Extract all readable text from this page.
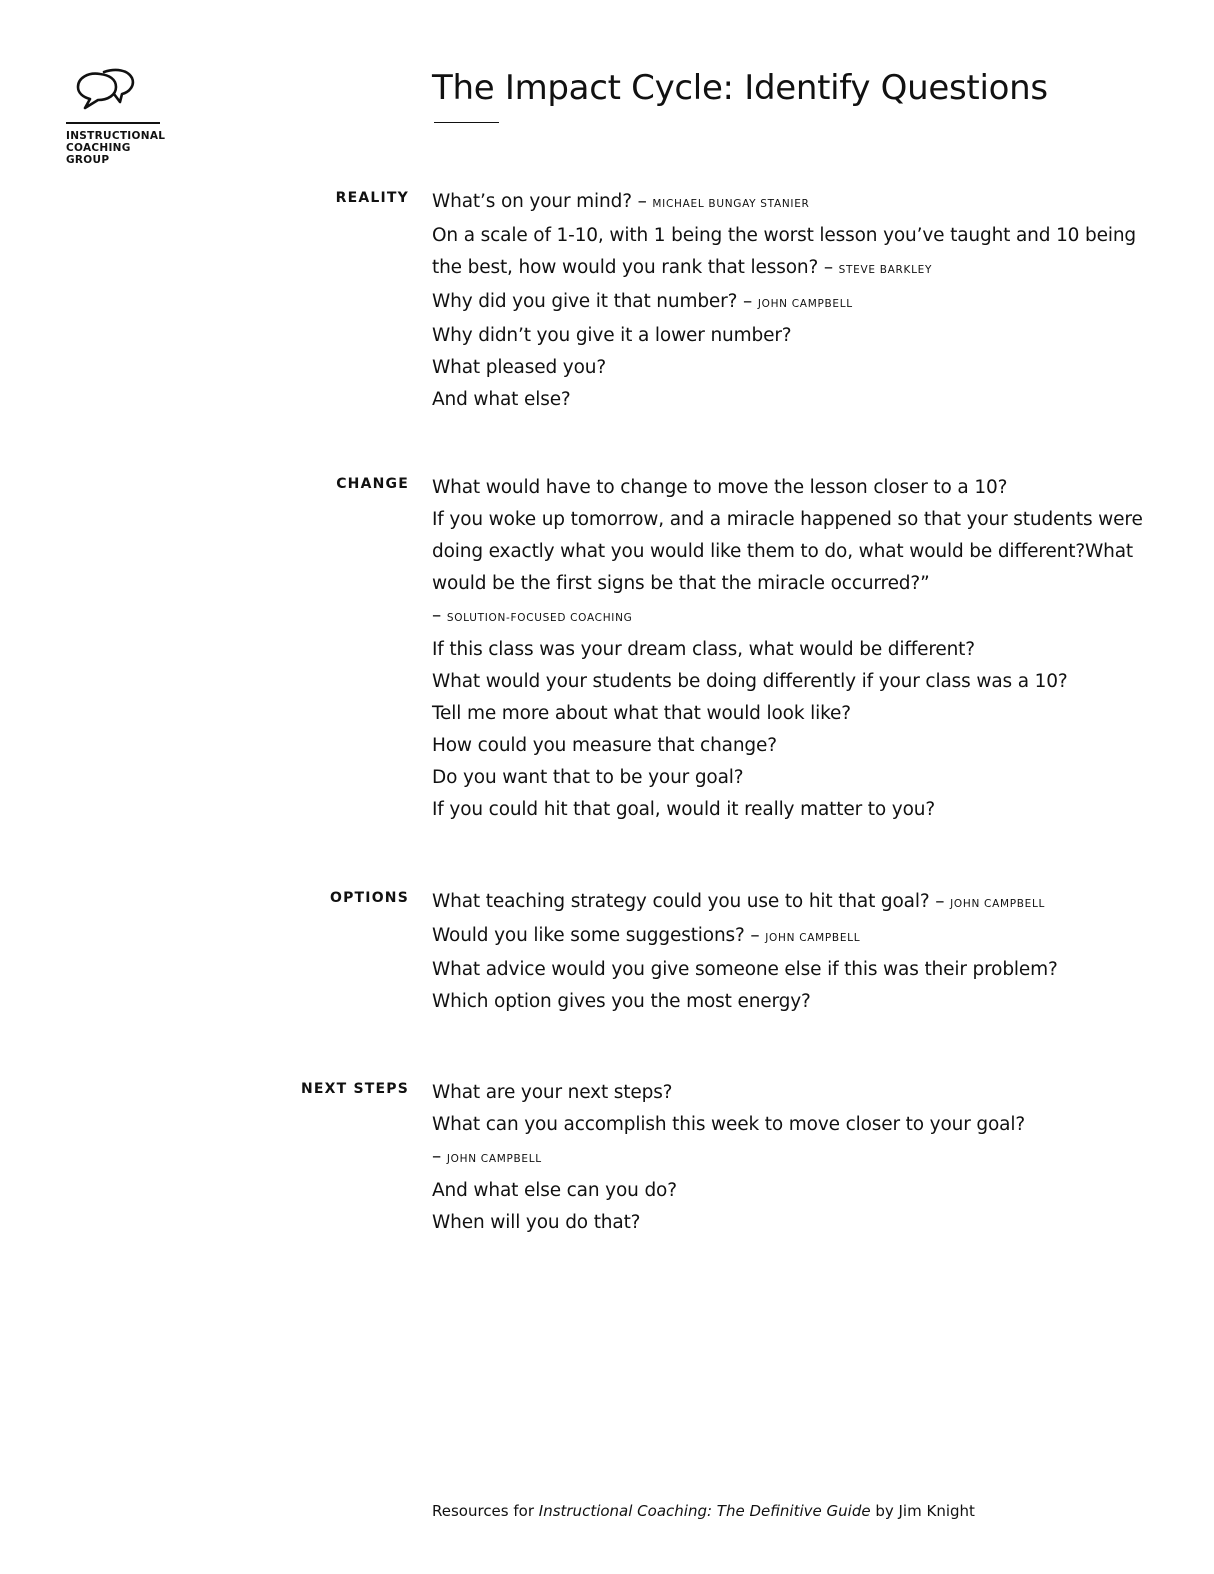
INSTRUCTIONAL
COACHING
GROUP
The Impact Cycle: Identify Questions
REALITY What’s on your mind? – MICHAEL BUNGAY STANIER
On a scale of 1-10, with 1 being the worst lesson you’ve taught and 10 being the best, how would you rank that lesson? – STEVE BARKLEY
Why did you give it that number? – JOHN CAMPBELL
Why didn’t you give it a lower number?
What pleased you?
And what else?
CHANGE What would have to change to move the lesson closer to a 10?
If you woke up tomorrow, and a miracle happened so that your students were doing exactly what you would like them to do, what would be different?What would be the first signs be that the miracle occurred?”
– SOLUTION-FOCUSED COACHING
If this class was your dream class, what would be different?
What would your students be doing differently if your class was a 10?
Tell me more about what that would look like?
How could you measure that change?
Do you want that to be your goal?
If you could hit that goal, would it really matter to you?
OPTIONS What teaching strategy could you use to hit that goal? – JOHN CAMPBELL
Would you like some suggestions? – JOHN CAMPBELL
What advice would you give someone else if this was their problem?
Which option gives you the most energy?
NEXT STEPS What are your next steps?
What can you accomplish this week to move closer to your goal?
– JOHN CAMPBELL
And what else can you do?
When will you do that?
Resources for Instructional Coaching: The Definitive Guide by Jim Knight
